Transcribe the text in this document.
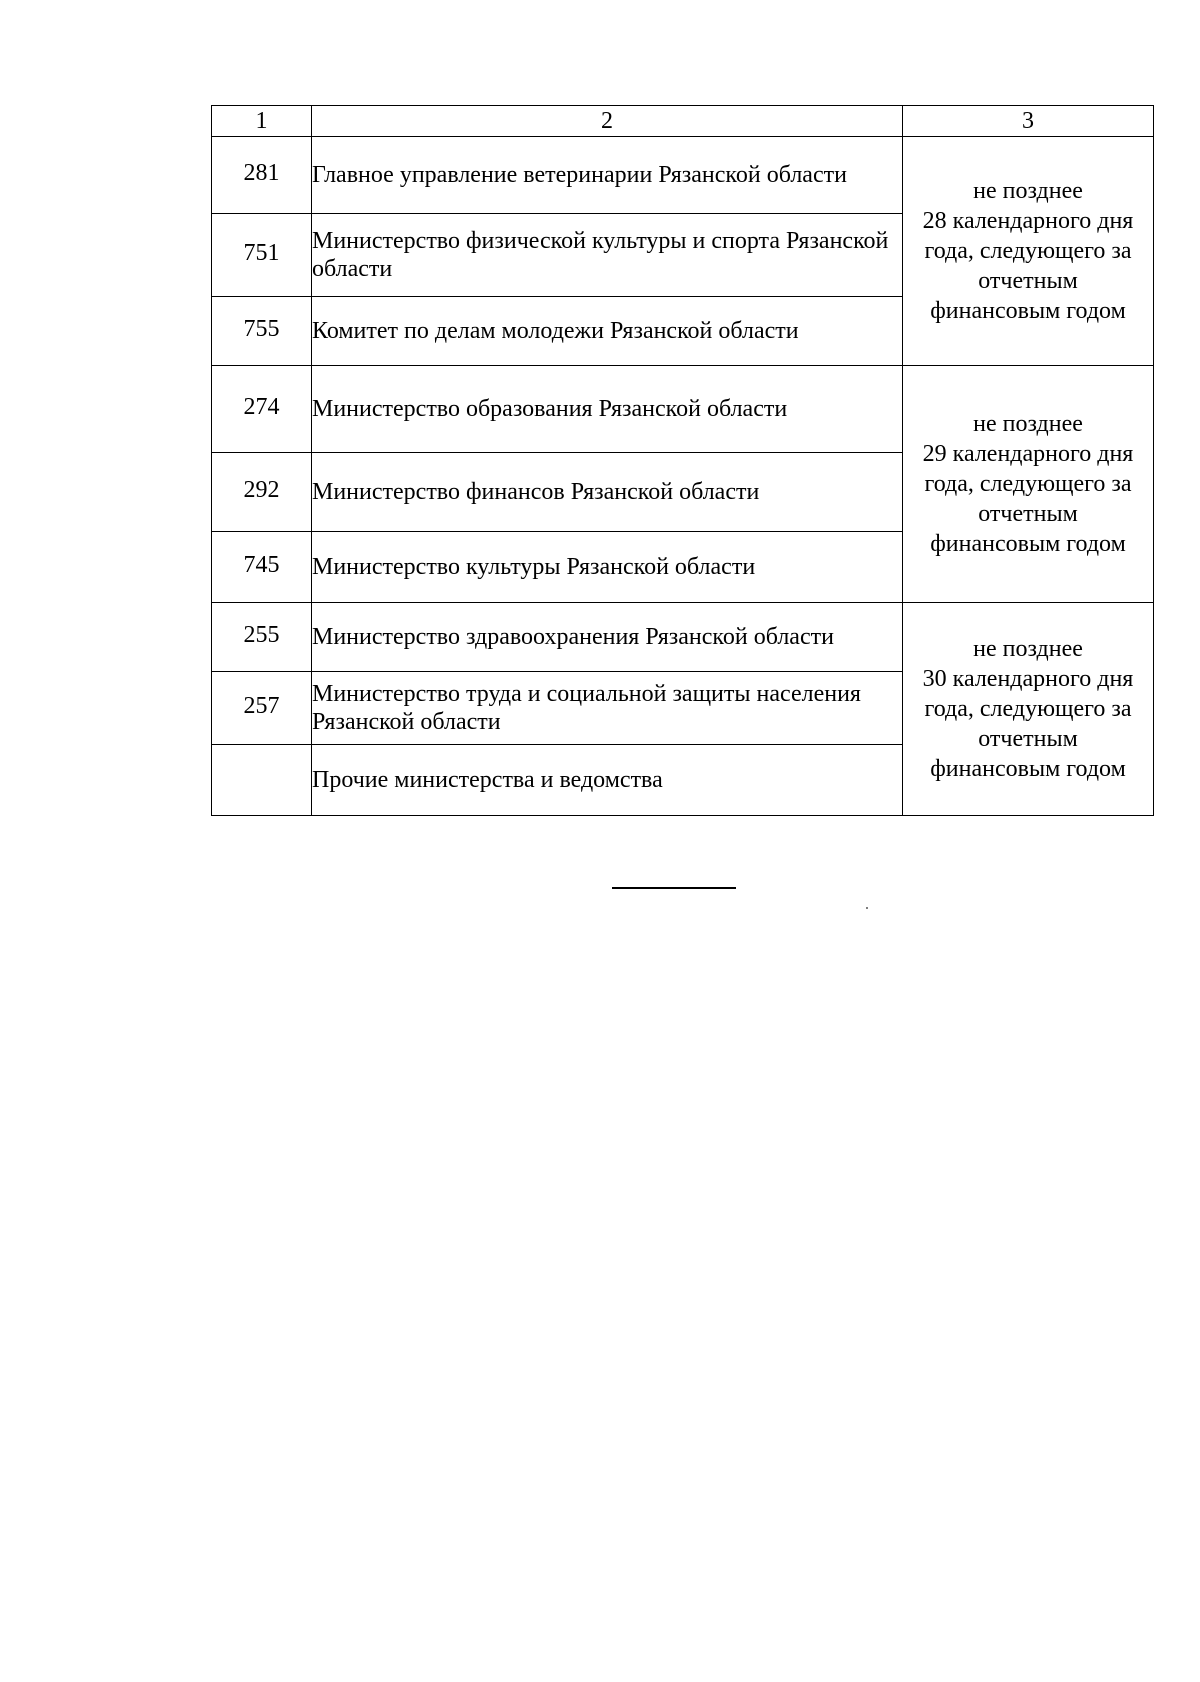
1	2	3
281	Главное управление ветеринарии Рязанской области	не позднее
28 календарного дня
года, следующего за
отчетным
финансовым годом

751	Министерство физической культуры и спорта Рязанской области	
755	Комитет по делам молодежи Рязанской области	
274	Министерство образования Рязанской области	не позднее
29 календарного дня
года, следующего за
отчетным
финансовым годом

292	Министерство финансов Рязанской области	
745	Министерство культуры Рязанской области	
255	Министерство здравоохранения Рязанской области	не позднее
30 календарного дня
года, следующего за
отчетным
финансовым годом

257	Министерство труда и социальной защиты населения Рязанской области	
	Прочие министерства и ведомства	
